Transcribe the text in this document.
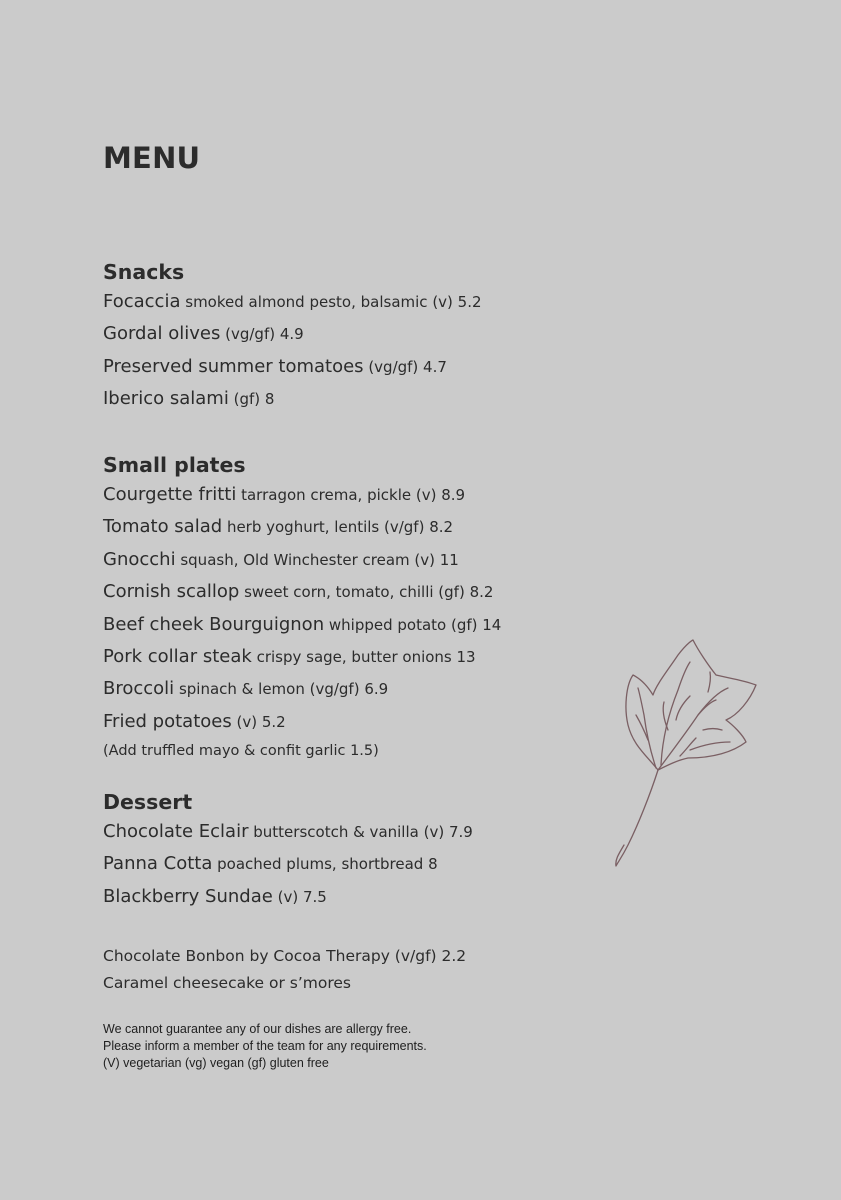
MENU
Snacks
Focaccia smoked almond pesto, balsamic (v) 5.2
Gordal olives (vg/gf) 4.9
Preserved summer tomatoes (vg/gf) 4.7
Iberico salami (gf) 8
Small plates
Courgette fritti tarragon crema, pickle (v) 8.9
Tomato salad herb yoghurt, lentils (v/gf) 8.2
Gnocchi squash, Old Winchester cream (v) 11
Cornish scallop sweet corn, tomato, chilli (gf) 8.2
Beef cheek Bourguignon whipped potato (gf) 14
Pork collar steak crispy sage, butter onions 13
Broccoli spinach & lemon (vg/gf) 6.9
Fried potatoes (v) 5.2
(Add truffled mayo & confit garlic 1.5)
Dessert
Chocolate Eclair butterscotch & vanilla (v) 7.9
Panna Cotta poached plums, shortbread 8
Blackberry Sundae (v) 7.5
Chocolate Bonbon by Cocoa Therapy (v/gf) 2.2
Caramel cheesecake or s’mores
We cannot guarantee any of our dishes are allergy free.
Please inform a member of the team for any requirements.
(V) vegetarian (vg) vegan (gf) gluten free
